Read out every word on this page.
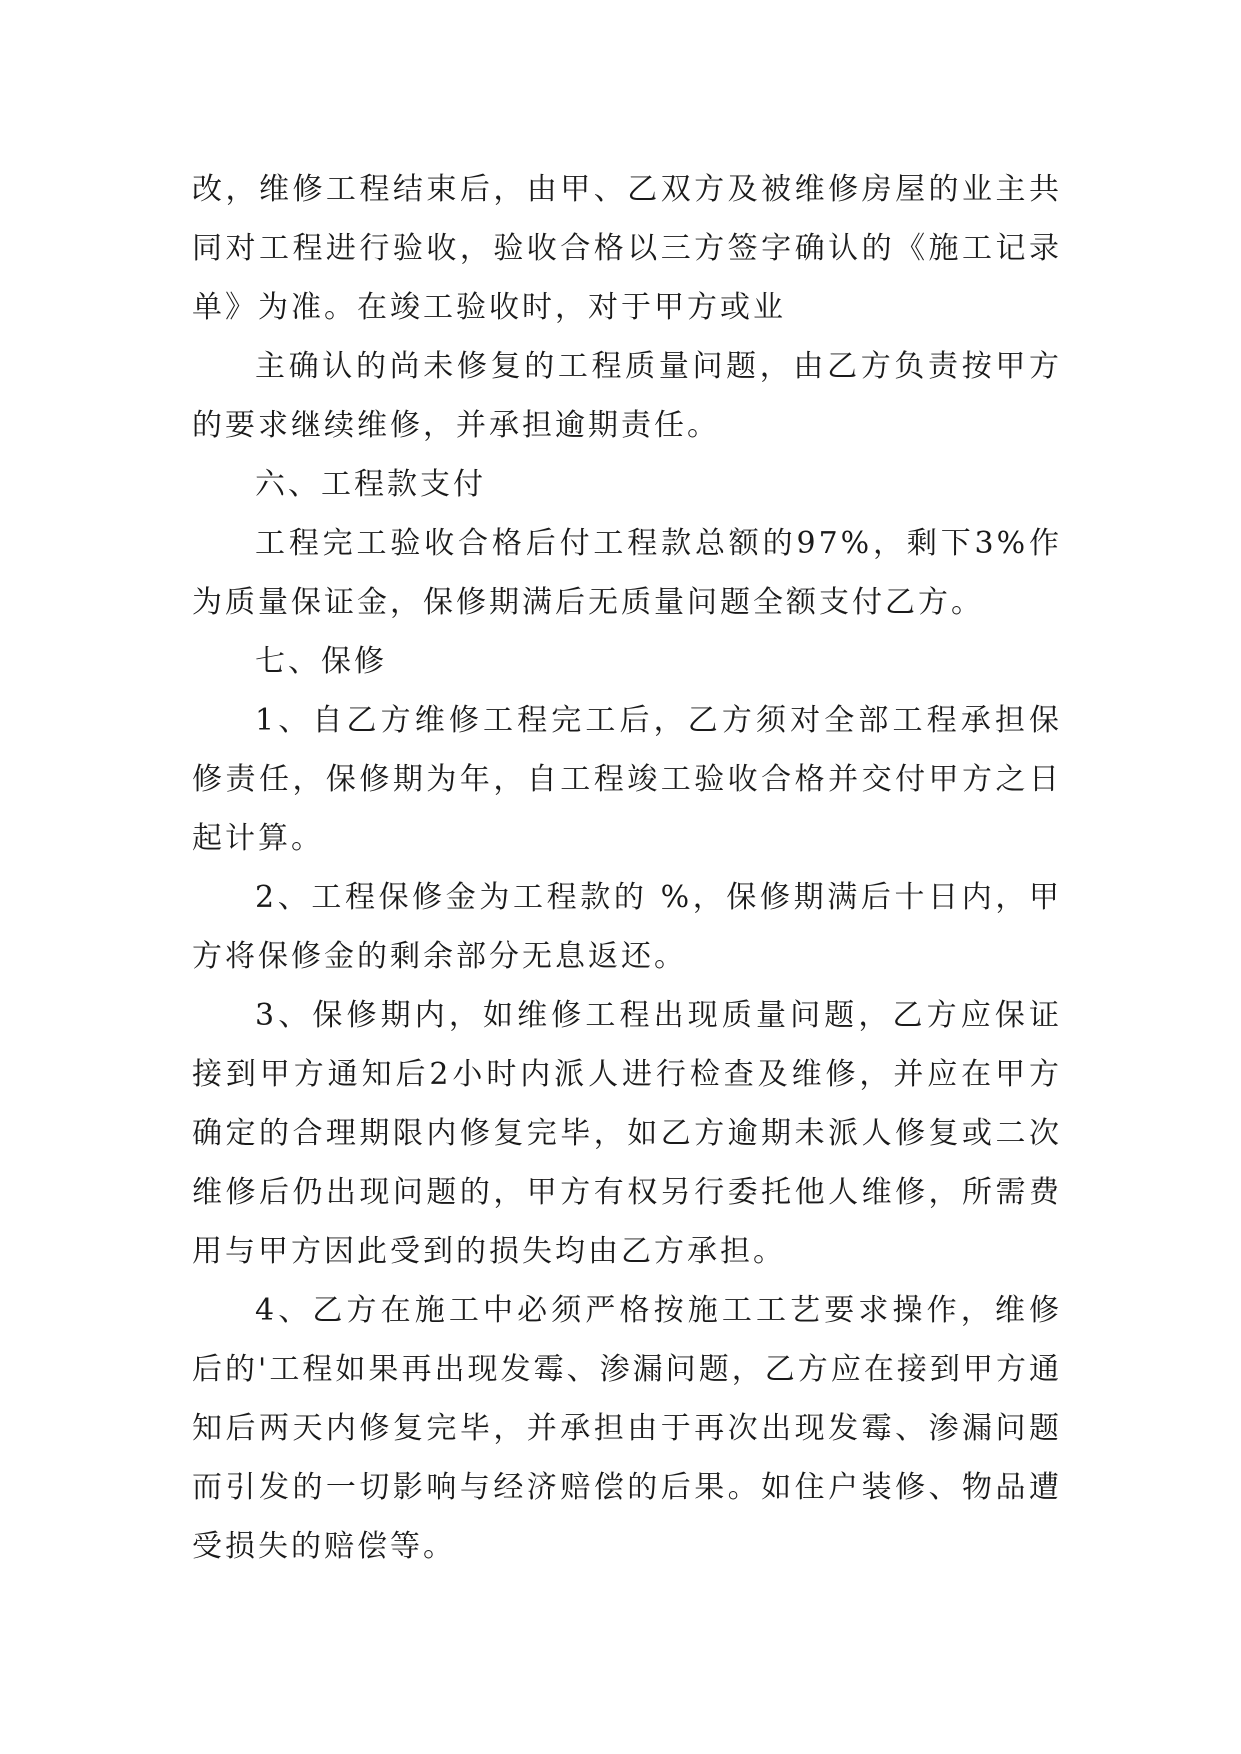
改，维修工程结束后，由甲、乙双方及被维修房屋的业主共同对工程进行验收，验收合格以三方签字确认的《施工记录单》为准。在竣工验收时，对于甲方或业

主确认的尚未修复的工程质量问题，由乙方负责按甲方的要求继续维修，并承担逾期责任。

六、工程款支付

工程完工验收合格后付工程款总额的97%，剩下3%作为质量保证金，保修期满后无质量问题全额支付乙方。

七、保修

1、自乙方维修工程完工后，乙方须对全部工程承担保修责任，保修期为年，自工程竣工验收合格并交付甲方之日起计算。

2、工程保修金为工程款的 %，保修期满后十日内，甲方将保修金的剩余部分无息返还。

3、保修期内，如维修工程出现质量问题，乙方应保证接到甲方通知后2小时内派人进行检查及维修，并应在甲方确定的合理期限内修复完毕，如乙方逾期未派人修复或二次维修后仍出现问题的，甲方有权另行委托他人维修，所需费用与甲方因此受到的损失均由乙方承担。

4、乙方在施工中必须严格按施工工艺要求操作，维修后的'工程如果再出现发霉、渗漏问题，乙方应在接到甲方通知后两天内修复完毕，并承担由于再次出现发霉、渗漏问题而引发的一切影响与经济赔偿的后果。如住户装修、物品遭受损失的赔偿等。
